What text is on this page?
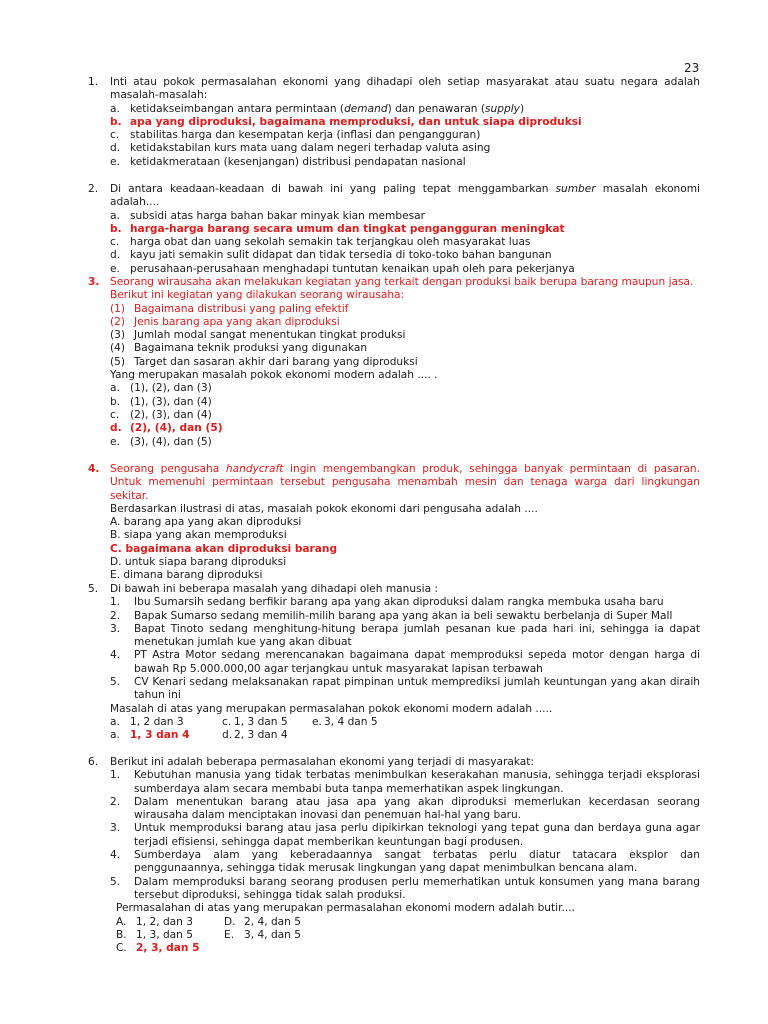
23
1.	Inti atau pokok permasalahan ekonomi yang dihadapi oleh setiap masyarakat atau suatu negara adalah masalah-masalah:
a. ketidakseimbangan antara permintaan (demand) dan penawaran (supply)
b. apa yang diproduksi, bagaimana memproduksi, dan untuk siapa diproduksi
c.	stabilitas harga dan kesempatan kerja (inflasi dan pengangguran)
d. ketidakstabilan kurs mata uang dalam negeri terhadap valuta asing
e. ketidakmerataan (kesenjangan) distribusi pendapatan nasional
2.	Di antara keadaan-keadaan di bawah ini yang paling tepat menggambarkan sumber masalah ekonomi adalah....
a. subsidi atas harga bahan bakar minyak kian membesar
b. harga-harga barang secara umum dan tingkat pengangguran meningkat
c.	harga obat dan uang sekolah semakin tak terjangkau oleh masyarakat luas
d. kayu jati semakin sulit didapat dan tidak tersedia di toko-toko bahan bangunan
e. perusahaan-perusahaan menghadapi tuntutan kenaikan upah oleh para pekerjanya
3. Seorang wirausaha akan melakukan kegiatan yang terkait dengan produksi baik berupa barang maupun jasa.
Berikut ini kegiatan yang dilakukan seorang wirausaha:
(1) Bagaimana distribusi yang paling efektif
(2) Jenis barang apa yang akan diproduksi
(3) Jumlah modal sangat menentukan tingkat produksi
(4) Bagaimana teknik produksi yang digunakan
(5) Target dan sasaran akhir dari barang yang diproduksi
Yang merupakan masalah pokok ekonomi modern adalah .... .
a. (1), (2), dan (3)
b. (1), (3), dan (4)
c.	(2), (3), dan (4)
d. (2), (4), dan (5)
e. (3), (4), dan (5)
4. Seorang pengusaha handycraft ingin mengembangkan produk, sehingga banyak permintaan di pasaran. Untuk memenuhi permintaan tersebut pengusaha menambah mesin dan tenaga warga dari lingkungan sekitar.
Berdasarkan ilustrasi di atas, masalah pokok ekonomi dari pengusaha adalah ....
A. barang apa yang akan diproduksi
B. siapa yang akan memproduksi
C. bagaimana akan diproduksi barang
D. untuk siapa barang diproduksi
E. dimana barang diproduksi
5.	Di bawah ini beberapa masalah yang dihadapi oleh manusia :
1.	Ibu Sumarsih sedang berfikir barang apa yang akan diproduksi dalam rangka membuka usaha baru
2.	Bapak Sumarso sedang memilih-milih barang apa yang akan ia beli sewaktu berbelanja di Super Mall
3.	Bapat Tinoto sedang menghitung-hitung berapa jumlah pesanan kue pada hari ini, sehingga ia dapat menetukan jumlah kue yang akan dibuat
4.	PT Astra Motor sedang merencanakan bagaimana dapat memproduksi sepeda motor dengan harga di bawah Rp 5.000.000,00 agar terjangkau untuk masyarakat lapisan terbawah
5.	CV Kenari sedang melaksanakan rapat pimpinan untuk memprediksi jumlah keuntungan yang akan diraih tahun ini
Masalah di atas yang merupakan permasalahan pokok ekonomi modern adalah .....
a. 1, 2 dan 3	c. 1, 3 dan 5 e. 3, 4 dan 5
a. 1, 3 dan 4	d. 2, 3 dan 4
6.	Berikut ini adalah beberapa permasalahan ekonomi yang terjadi di masyarakat:
1.	Kebutuhan manusia yang tidak terbatas menimbulkan keserakahan manusia, sehingga terjadi eksplorasi sumberdaya alam secara membabi buta tanpa memerhatikan aspek lingkungan.
2.	Dalam menentukan barang atau jasa apa yang akan diproduksi memerlukan kecerdasan seorang wirausaha dalam menciptakan inovasi dan penemuan hal-hal yang baru.
3.	Untuk memproduksi barang atau jasa perlu dipikirkan teknologi yang tepat guna dan berdaya guna agar terjadi efisiensi, sehingga dapat memberikan keuntungan bagi produsen.
4.	Sumberdaya alam yang keberadaannya sangat terbatas perlu diatur tatacara eksplor dan penggunaannya, sehingga tidak merusak lingkungan yang dapat menimbulkan bencana alam.
5.	Dalam memproduksi barang seorang produsen perlu memerhatikan untuk konsumen yang mana barang tersebut diproduksi, sehingga tidak salah produksi.
Permasalahan di atas yang merupakan permasalahan ekonomi modern adalah butir....
A. 1, 2, dan 3	D. 2, 4, dan 5
B. 1, 3, dan 5	E. 3, 4, dan 5
C. 2, 3, dan 5
